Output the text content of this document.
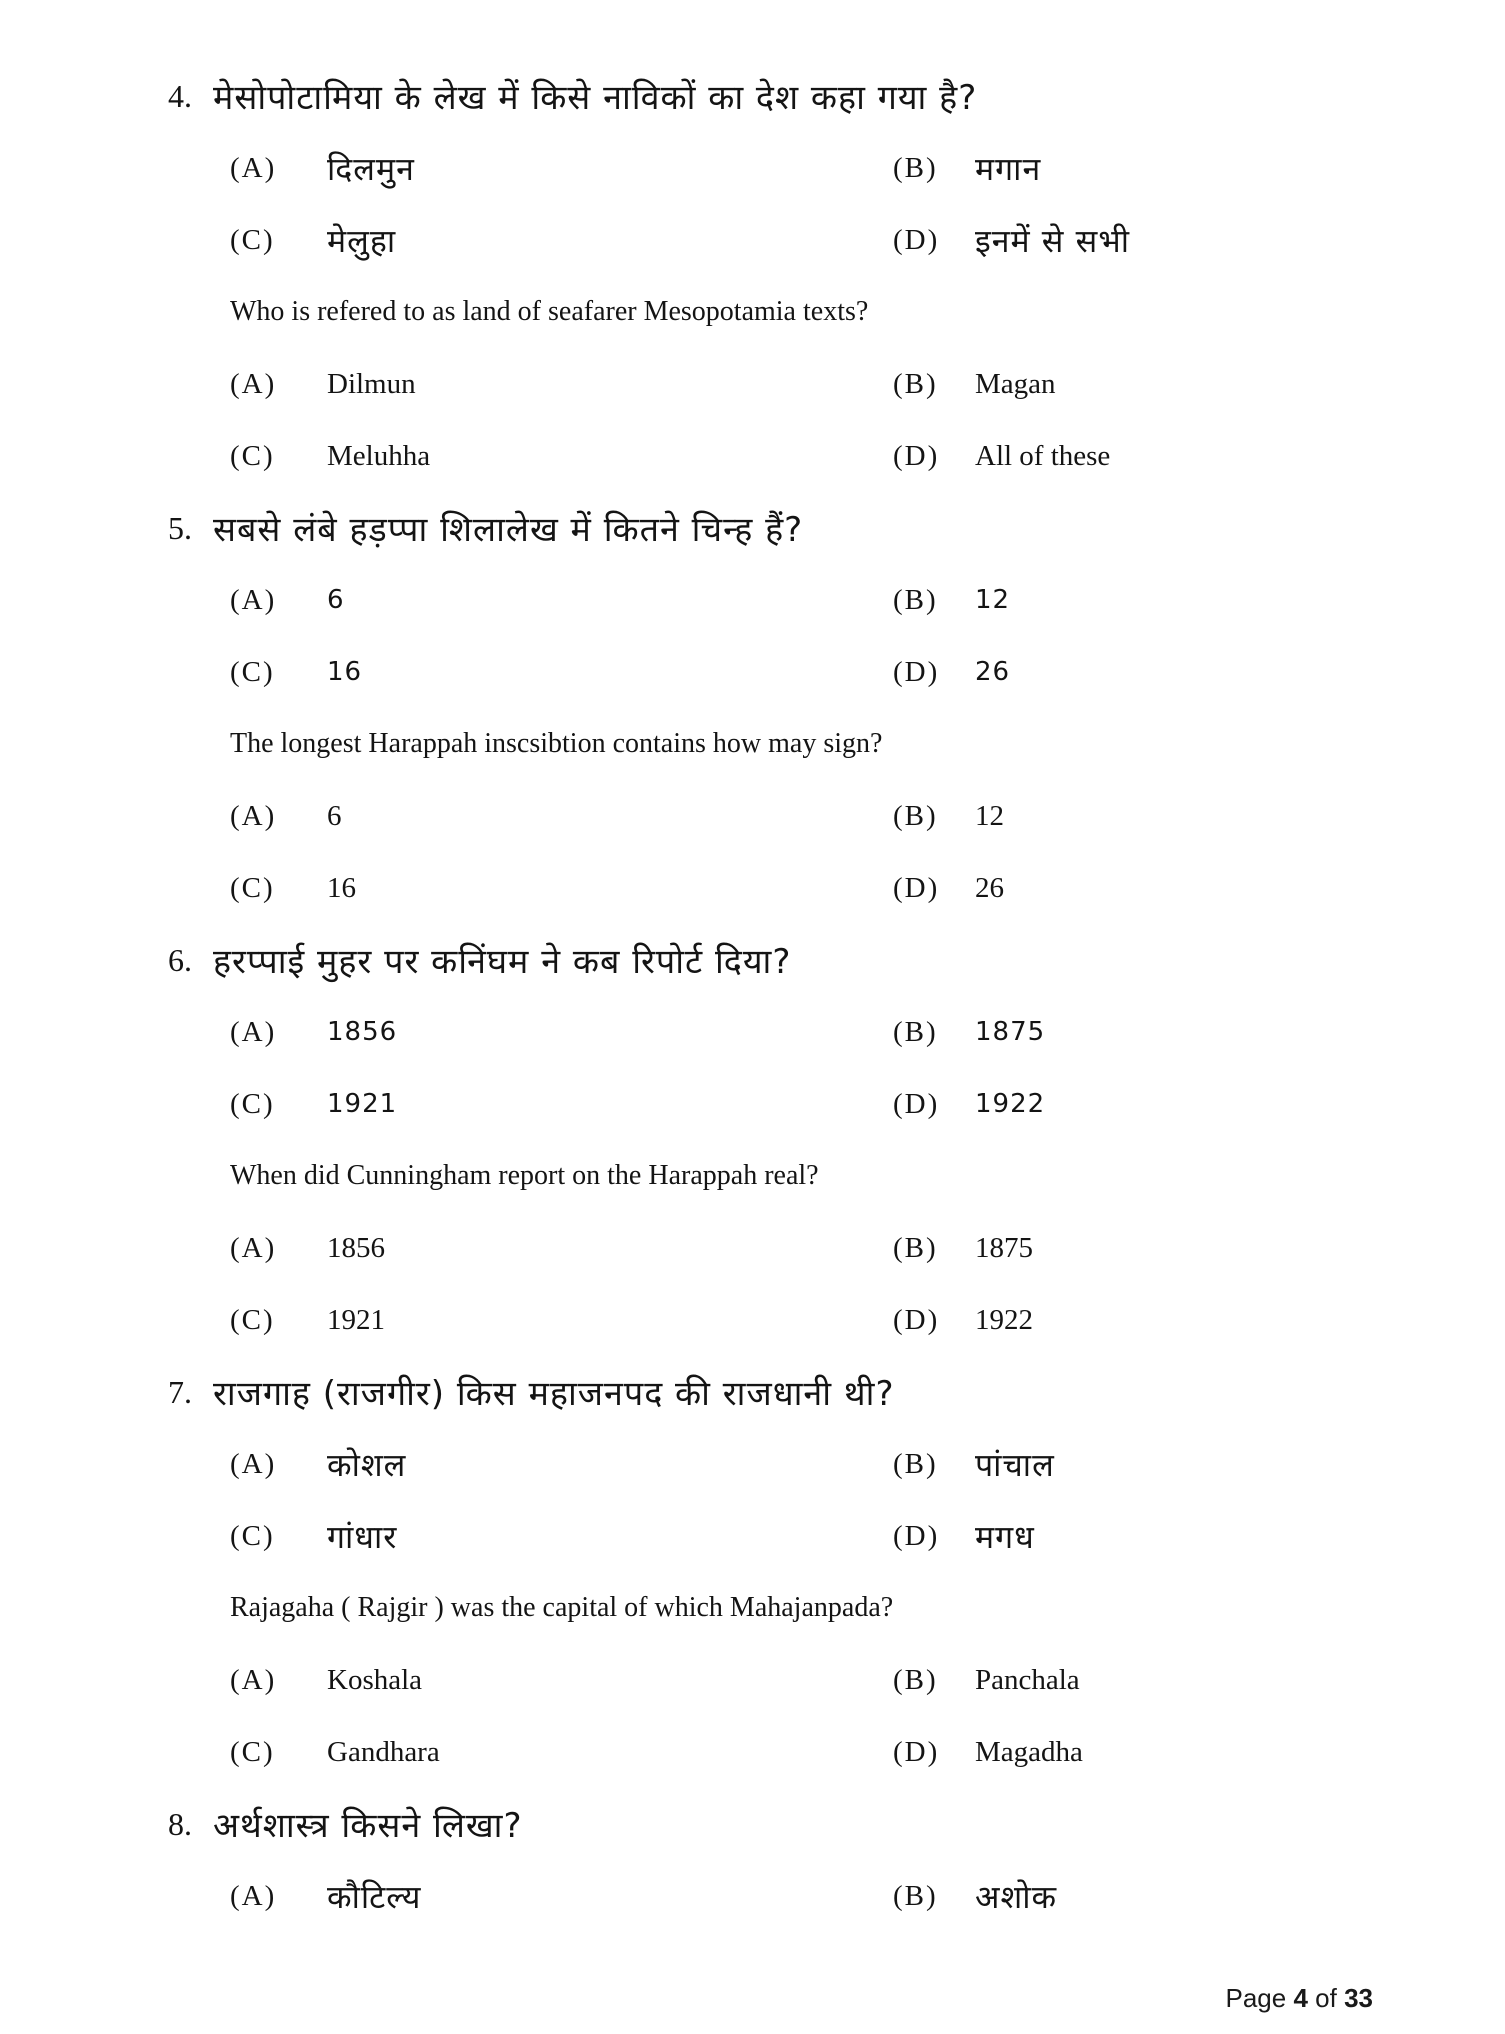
4. मेसोपोटामिया के लेख में किसे नाविकों का देश कहा गया है?
(A)	दिलमुन	(B)	मगान
(C)	मेलुहा	(D)	इनमें से सभी
Who is refered to as land of seafarer Mesopotamia texts?
(A)	Dilmun	(B)	Magan
(C)	Meluhha	(D)	All of these
5. सबसे लंबे हड़प्पा शिलालेख में कितने चिन्ह हैं?
(A)	6	(B)	12
(C)	16	(D)	26
The longest Harappah inscsibtion contains how may sign?
(A)	6	(B)	12
(C)	16	(D)	26
6. हरप्पाई मुहर पर कनिंघम ने कब रिपोर्ट दिया?
(A)	1856	(B)	1875
(C)	1921	(D)	1922
When did Cunningham report on the Harappah real?
(A)	1856	(B)	1875
(C)	1921	(D)	1922
7. राजगाह (राजगीर) किस महाजनपद की राजधानी थी?
(A)	कोशल	(B)	पांचाल
(C)	गांधार	(D)	मगध
Rajagaha ( Rajgir ) was the capital of which Mahajanpada?
(A)	Koshala	(B)	Panchala
(C)	Gandhara	(D)	Magadha
8. अर्थशास्त्र किसने लिखा?
(A)	कौटिल्य	(B)	अशोक
Page 4 of 33
